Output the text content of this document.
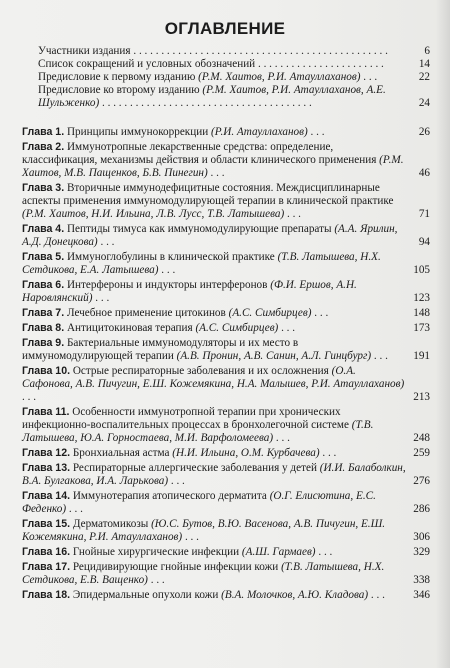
ОГЛАВЛЕНИЕ
Участники издания . . . . . . . . . . . . . . . . . . . . . . . . . . . . . . . . . . . . . . . . . . . . . .	6
Список сокращений и условных обозначений . . . . . . . . . . . . . . . . . . . . . . .	14
Предисловие к первому изданию (Р.М. Хаитов, Р.И. Атауллаханов) . . .	22
Предисловие ко второму изданию (Р.М. Хаитов, Р.И. Атауллаханов, А.Е. Шульженко) . . . . . . . . . . . . . . . . . . . . . . . . . . . . . . . . . . . . . .	24
Глава 1. Принципы иммунокоррекции (Р.И. Атауллаханов) . . .	26
Глава 2. Иммунотропные лекарственные средства: определение, классификация, механизмы действия и области клинического применения (Р.М. Хаитов, М.В. Пащенков, Б.В. Пинегин) . . .	46
Глава 3. Вторичные иммунодефицитные состояния. Междисциплинарные аспекты применения иммуномодулирующей терапии в клинической практике (Р.М. Хаитов, Н.И. Ильина, Л.В. Лусс, Т.В. Латышева) . . .	71
Глава 4. Пептиды тимуса как иммуномодулирующие препараты (А.А. Ярилин, А.Д. Донецкова) . . .	94
Глава 5. Иммуноглобулины в клинической практике (Т.В. Латышева, Н.Х. Сетдикова, Е.А. Латышева) . . .	105
Глава 6. Интерфероны и индукторы интерферонов (Ф.И. Ершов, А.Н. Наровлянский) . . .	123
Глава 7. Лечебное применение цитокинов (А.С. Симбирцев) . . .	148
Глава 8. Антицитокиновая терапия (А.С. Симбирцев) . . .	173
Глава 9. Бактериальные иммуномодуляторы и их место в иммуномодулирующей терапии (А.В. Пронин, А.В. Санин, А.Л. Гинцбург) . . .	191
Глава 10. Острые респираторные заболевания и их осложнения (О.А. Сафонова, А.В. Пичугин, Е.Ш. Кожемякина, Н.А. Малышев, Р.И. Атауллаханов) . . .	213
Глава 11. Особенности иммунотропной терапии при хронических инфекционно-воспалительных процессах в бронхолегочной системе (Т.В. Латышева, Ю.А. Горностаева, М.И. Варфоломеева) . . .	248
Глава 12. Бронхиальная астма (Н.И. Ильина, О.М. Курбачева) . . .	259
Глава 13. Респираторные аллергические заболевания у детей (И.И. Балаболкин, В.А. Булгакова, И.А. Ларькова) . . .	276
Глава 14. Иммунотерапия атопического дерматита (О.Г. Елисютина, Е.С. Феденко) . . .	286
Глава 15. Дерматомикозы (Ю.С. Бутов, В.Ю. Васенова, А.В. Пичугин, Е.Ш. Кожемякина, Р.И. Атауллаханов) . . .	306
Глава 16. Гнойные хирургические инфекции (А.Ш. Гармаев) . . .	329
Глава 17. Рецидивирующие гнойные инфекции кожи (Т.В. Латышева, Н.Х. Сетдикова, Е.В. Ващенко) . . .	338
Глава 18. Эпидермальные опухоли кожи (В.А. Молочков, А.Ю. Кладова) . . .	346
